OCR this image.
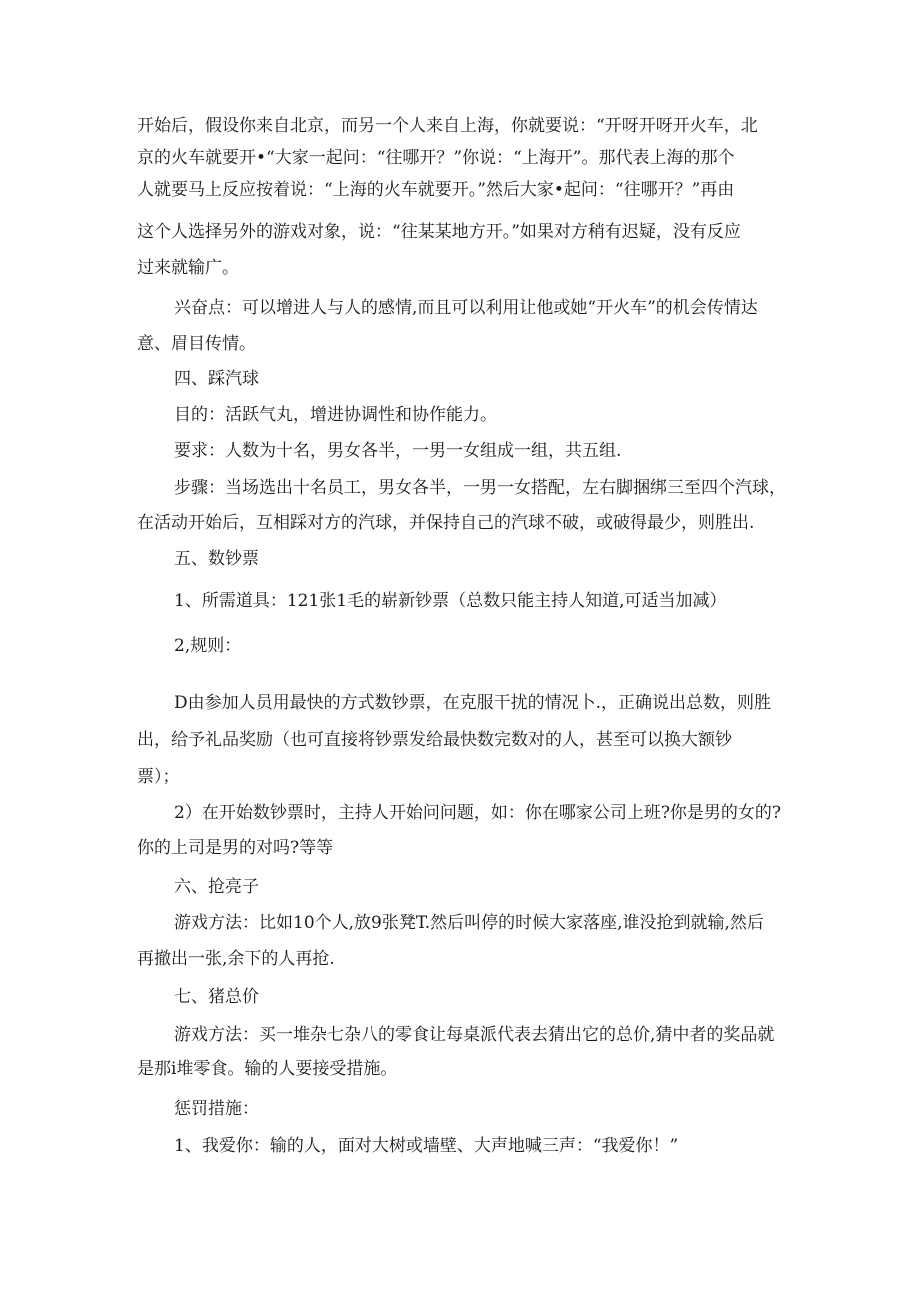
开始后，假设你来自北京，而另一个人来自上海，你就要说：“开呀开呀开火车，北
京的火车就要开•“大家一起问：“往哪开？”你说：“上海开”。那代表上海的那个
人就要马上反应按着说：“上海的火车就要开。”然后大家•起问：“往哪开？”再由
这个人选择另外的游戏对象，说：“往某某地方开。”如果对方稍有迟疑，没有反应
过来就输广。
兴奋点：可以增进人与人的感情,而且可以利用让他或她“开火车”的机会传情达
意、眉目传情。
四、踩汽球
目的：活跃气丸，增进协调性和协作能力。
要求：人数为十名，男女各半，一男一女组成一组，共五组.
步骤：当场选出十名员工，男女各半，一男一女搭配，左右脚捆绑三至四个汽球，
在活动开始后，互相踩对方的汽球，并保持自己的汽球不破，或破得最少，则胜出.
五、数钞票
1、所需道具：121张1毛的崭新钞票（总数只能主持人知道,可适当加减）
2,规则：
D由参加人员用最快的方式数钞票，在克服干扰的情况卜.，正确说出总数，则胜
出，给予礼品奖励（也可直接将钞票发给最快数完数对的人，甚至可以换大额钞
票）；
2）在开始数钞票时，主持人开始问问题，如：你在哪家公司上班?你是男的女的?
你的上司是男的对吗?等等
六、抢亮子
游戏方法：比如10个人,放9张凳T.然后叫停的时候大家落座,谁没抢到就输,然后
再撤出一张,余下的人再抢.
七、猪总价
游戏方法：买一堆杂七杂八的零食让每桌派代表去猜出它的总价,猜中者的奖品就
是那i堆零食。输的人要接受措施。
惩罚措施：
1、我爱你：输的人，面对大树或墙壁、大声地喊三声：“我爱你！”
